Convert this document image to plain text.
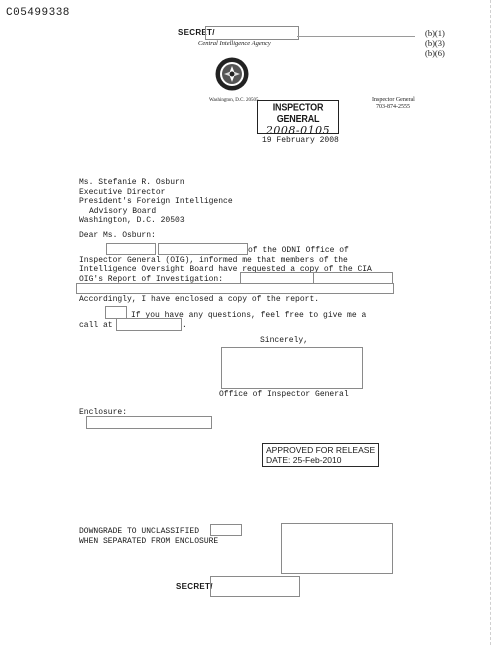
C05499338
SECRET/
Central Intelligence Agency
(b)(1)
(b)(3)
(b)(6)
Washington, D.C. 20505	Inspector General
703-874-2555
INSPECTOR GENERAL
2008-0105
19 February 2008
Ms. Stefanie R. Osburn
Executive Director
President's Foreign Intelligence
Advisory Board
Washington, D.C. 20503
Dear Ms. Osburn:
of the ODNI Office of
Inspector General (OIG), informed me that members of the
Intelligence Oversight Board have requested a copy of the CIA
OIG's Report of Investigation:
Accordingly, I have enclosed a copy of the report.
If you have any questions, feel free to give me a
call at	.
Sincerely,
Office of Inspector General
Enclosure:
APPROVED FOR RELEASE
DATE: 25-Feb-2010
DOWNGRADE TO UNCLASSIFIED
WHEN SEPARATED FROM ENCLOSURE
SECRET/
